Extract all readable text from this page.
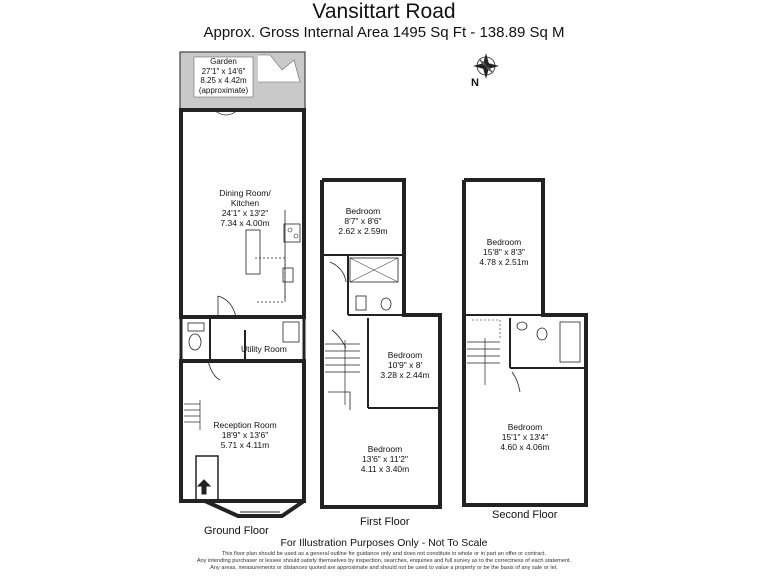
Vansittart Road
Approx. Gross Internal Area 1495 Sq Ft - 138.89 Sq M
Garden
27'1" x 14'6"
8.25 x 4.42m
(approximate)
N
Dining Room/
Kitchen
24'1" x 13'2"
7.34 x 4.00m
Utility Room
Reception Room
18'9" x 13'6"
5.71 x 4.11m
Ground Floor
Bedroom
8'7" x 8'6"
2.62 x 2.59m
Bedroom
10'9" x 8'
3.28 x 2.44m
Bedroom
13'6" x 11'2"
4.11 x 3.40m
First Floor
Bedroom
15'8" x 8'3"
4.78 x 2.51m
Bedroom
15'1" x 13'4"
4.60 x 4.06m
Second Floor
For Illustration Purposes Only - Not To Scale
This floor plan should be used as a general outline for guidance only and does not constitute in whole or in part an offer or contract.
Any intending purchaser or lessee should satisfy themselves by inspection, searches, enquiries and full survey as to the correctness of each statement.
Any areas, measurements or distances quoted are approximate and should not be used to value a property or be the basis of any sale or let.
